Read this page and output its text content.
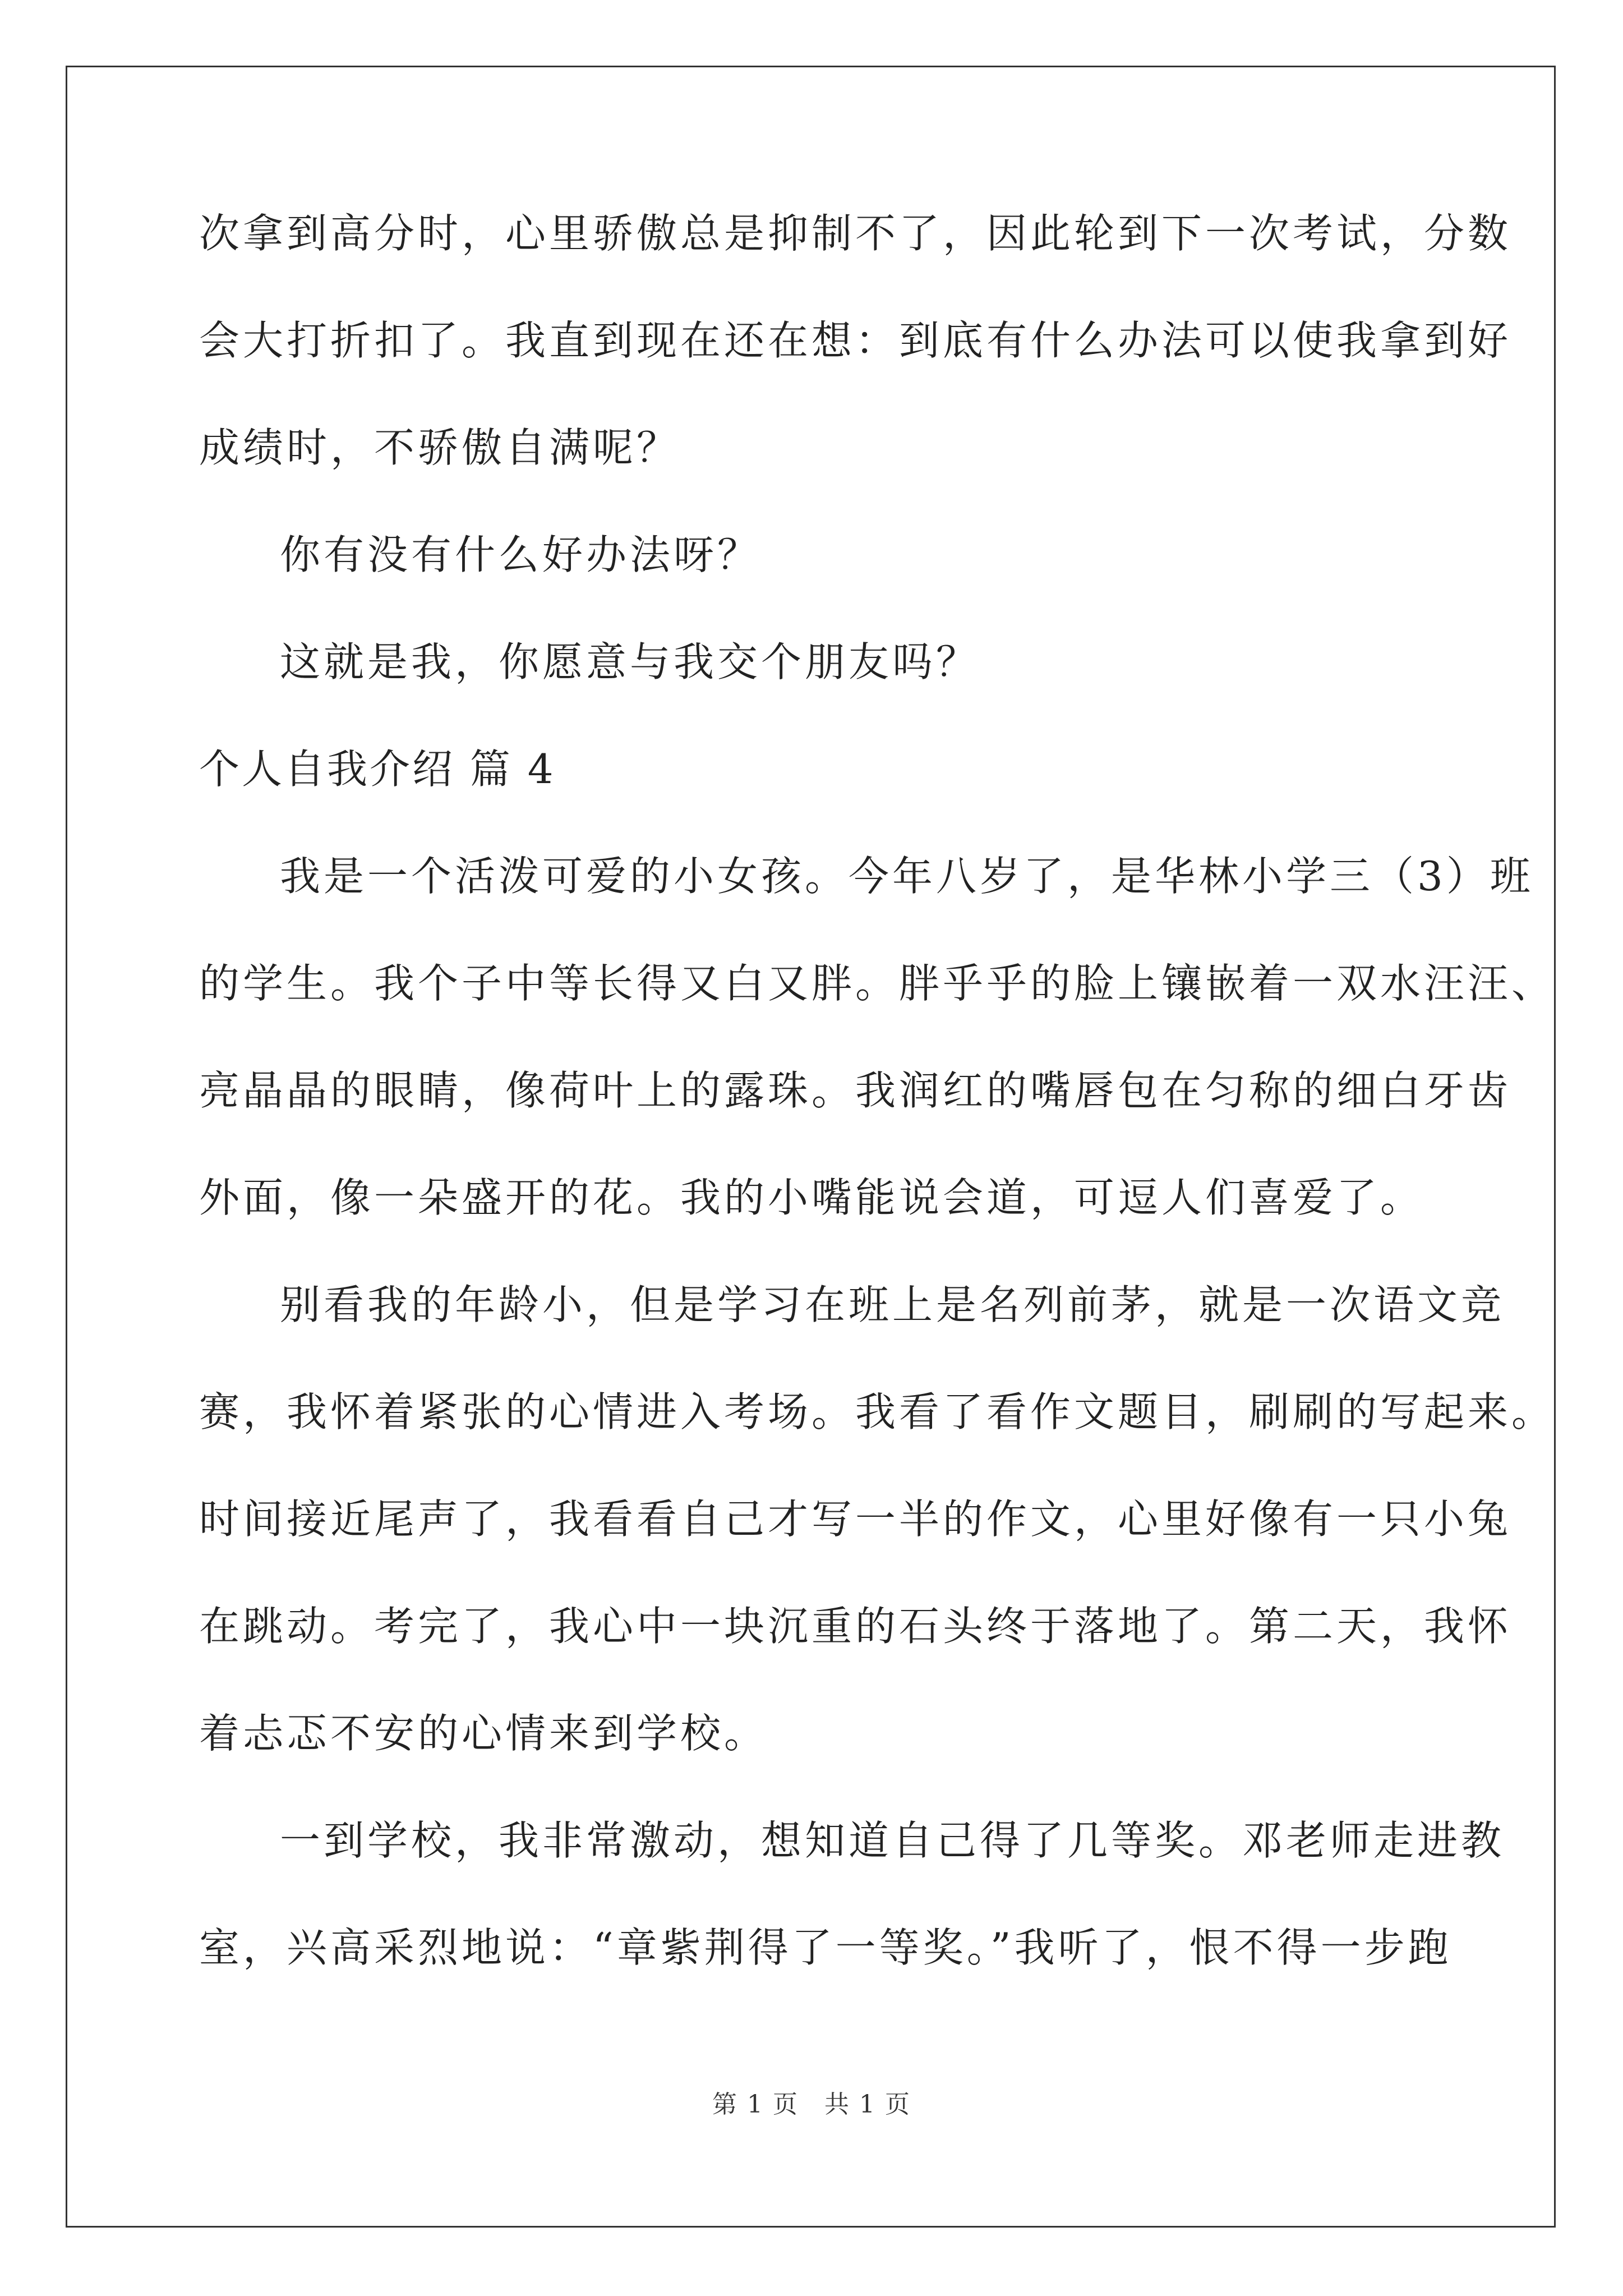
次拿到高分时，心里骄傲总是抑制不了，因此轮到下一次考试，分数

会大打折扣了。我直到现在还在想：到底有什么办法可以使我拿到好

成绩时，不骄傲自满呢？

你有没有什么好办法呀？

这就是我，你愿意与我交个朋友吗？

个人自我介绍 篇 4

我是一个活泼可爱的小女孩。今年八岁了，是华林小学三（3）班

的学生。我个子中等长得又白又胖。胖乎乎的脸上镶嵌着一双水汪汪、

亮晶晶的眼睛，像荷叶上的露珠。我润红的嘴唇包在匀称的细白牙齿

外面，像一朵盛开的花。我的小嘴能说会道，可逗人们喜爱了。

别看我的年龄小，但是学习在班上是名列前茅，就是一次语文竞

赛，我怀着紧张的心情进入考场。我看了看作文题目，刷刷的写起来。

时间接近尾声了，我看看自己才写一半的作文，心里好像有一只小兔

在跳动。考完了，我心中一块沉重的石头终于落地了。第二天，我怀

着忐忑不安的心情来到学校。

一到学校，我非常激动，想知道自己得了几等奖。邓老师走进教

室，兴高采烈地说：“章紫荆得了一等奖。”我听了，恨不得一步跑

第 1 页　共 1 页
